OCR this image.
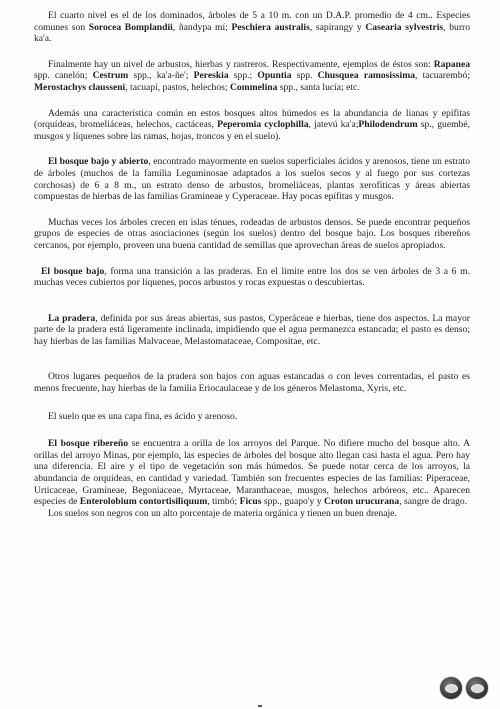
El cuarto nivel es el de los dominados, árboles de 5 a 10 m. con un D.A.P. promedio de 4 cm.. Especies comunes son Sorocea Bomplandii, ñandypa mí; Peschiera australis, sapirangy y Casearia sylvestris, burro ka'a.

Finalmente hay un nivel de arbustos, hierbas y rastreros. Respectivamente, ejemplos de éstos son: Rapanea spp. canelón; Cestrum spp., ka'a-ñe'; Pereskia spp.; Opuntia spp. Chusquea ramosissima, tacuarembó; Merostachys clausseni, tacuapí, pastos, helechos; Commelina spp., santa lucía; etc.

Además una característica común en estos bosques altos húmedos es la abundancia de lianas y epífitas (orquídeas, bromeliáceas, helechos, cactáceas, Peperomia cyclophilla, jatevú ka'a;Philodendrum sp., guembé, musgos y líquenes sobre las ramas, hojas, troncos y en el suelo).

El bosque bajo y abierto, encontrado mayormente en suelos superficiales ácidos y arenosos, tiene un estrato de árboles (muchos de la familia Leguminosae adaptados a los suelos secos y al fuego por sus cortezas corchosas) de 6 a 8 m., un estrato denso de arbustos, bromeliáceas, plantas xerofíticas y áreas abiertas compuestas de hierbas de las familias Gramineae y Cyperaceae. Hay pocas epífitas y musgos.

Muchas veces los árboles crecen en islas ténues, rodeadas de arbustos densos. Se puede encontrar pequeños grupos de especies de otras asociaciones (según los suelos) dentro del bosque bajo. Los bosques ribereños cercanos, por ejemplo, proveen una buena cantidad de semillas que aprovechan áreas de suelos apropiados.

El bosque bajo, forma una transición a las praderas. En el límite entre los dos se ven árboles de 3 a 6 m. muchas veces cubiertos por líquenes, pocos arbustos y rocas expuestas o descubiertas.

La pradera, definida por sus áreas abiertas, sus pastos, Cyperáceae e hierbas, tiene dos aspectos. La mayor parte de la pradera está ligeramente inclinada, impidiendo que el agua permanezca estancada; el pasto es denso; hay hierbas de las familias Malvaceae, Melastomataceae, Compositae, etc.

Otros lugares pequeños de la pradera son bajos con aguas estancadas o con leves correntadas, el pasto es menos frecuente, hay hierbas de la familia Eriocaulaceae y de los géneros Melastoma, Xyris, etc.

El suelo que es una capa fina, es ácido y arenoso.

El bosque ribereño se encuentra a orilla de los arroyos del Parque. No difiere mucho del bosque alto. A orillas del arroyo Minas, por ejemplo, las especies de árboles del bosque alto llegan casi hasta el agua. Pero hay una diferencia. El aire y el tipo de vegetación son más húmedos. Se puede notar cerca de los arroyos, la abundancia de orquídeas, en cantidad y variedad. También son frecuentes especies de las familias: Piperaceae, Urticaceae, Gramíneae, Begoniaceae, Myrtaceae, Maranthaceae, musgos, helechos arbóreos, etc.. Aparecen especies de Enterolobium contortisiliquum, timbó; Ficus spp., guapo'y y Croton urucurana, sangre de drago.

Los suelos son negros con un alto porcentaje de materia orgánica y tienen un buen drenaje.
